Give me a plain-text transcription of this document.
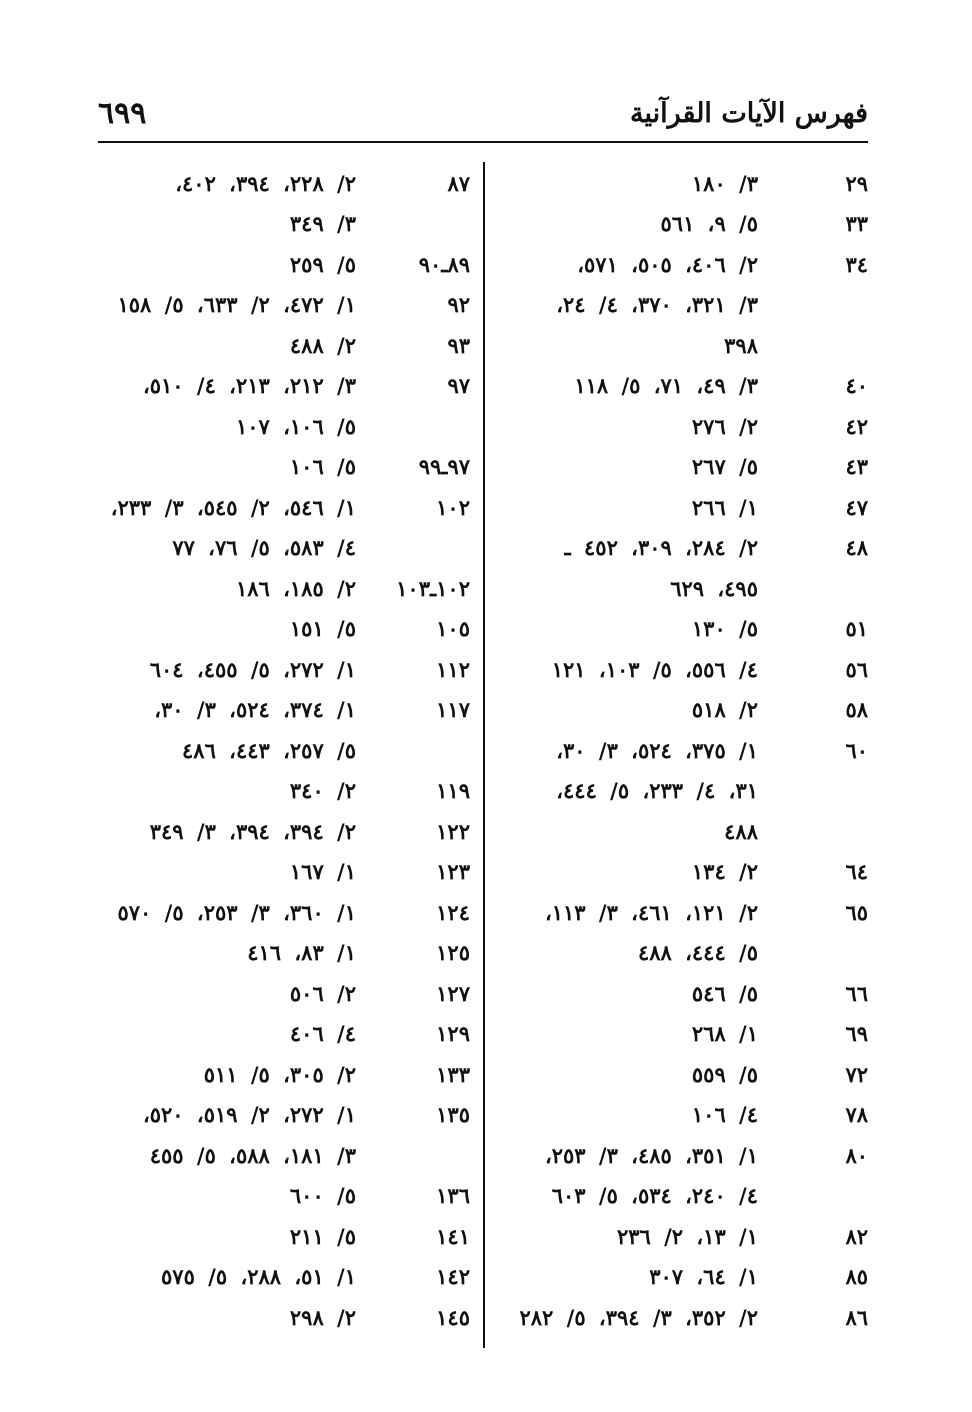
فهرس الآيات القرآنية
٦٩٩
٢٩
٣/ ١٨٠
٣٣
٥/ ٩، ٥٦١
٣٤
٢/ ٤٠٦، ٥٠٥، ٥٧١،
٣/ ٣٢١، ٣٧٠، ٤/ ٢٤،
٣٩٨
٤٠
٣/ ٤٩، ٧١، ٥/ ١١٨
٤٢
٢/ ٢٧٦
٤٣
٥/ ٢٦٧
٤٧
١/ ٢٦٦
٤٨
٢/ ٢٨٤، ٣٠٩، ٤٥٢ ـ
٤٩٥، ٦٢٩
٥١
٥/ ١٣٠
٥٦
٤/ ٥٥٦، ٥/ ١٠٣، ١٢١
٥٨
٢/ ٥١٨
٦٠
١/ ٣٧٥، ٥٢٤، ٣/ ٣٠،
٣١، ٤/ ٢٣٣، ٥/ ٤٤٤،
٤٨٨
٦٤
٢/ ١٣٤
٦٥
٢/ ١٢١، ٤٦١، ٣/ ١١٣،
٥/ ٤٤٤، ٤٨٨
٦٦
٥/ ٥٤٦
٦٩
١/ ٢٦٨
٧٢
٥/ ٥٥٩
٧٨
٤/ ١٠٦
٨٠
١/ ٣٥١، ٤٨٥، ٣/ ٢٥٣،
٤/ ٢٤٠، ٥٣٤، ٥/ ٦٠٣
٨٢
١/ ١٣، ٢/ ٢٣٦
٨٥
١/ ٦٤، ٣٠٧
٨٦
٢/ ٣٥٢، ٣/ ٣٩٤، ٥/ ٢٨٢
٨٧
٢/ ٢٢٨، ٣٩٤، ٤٠٢،
٣/ ٣٤٩
٨٩ـ٩٠
٥/ ٢٥٩
٩٢
١/ ٤٧٢، ٢/ ٦٣٣، ٥/ ١٥٨
٩٣
٢/ ٤٨٨
٩٧
٣/ ٢١٢، ٢١٣، ٤/ ٥١٠،
٥/ ١٠٦، ١٠٧
٩٧ـ٩٩
٥/ ١٠٦
١٠٢
١/ ٥٤٦، ٢/ ٥٤٥، ٣/ ٢٣٣،
٤/ ٥٨٣، ٥/ ٧٦، ٧٧
١٠٢ـ١٠٣
٢/ ١٨٥، ١٨٦
١٠٥
٥/ ١٥١
١١٢
١/ ٢٧٢، ٥/ ٤٥٥، ٦٠٤
١١٧
١/ ٣٧٤، ٥٢٤، ٣/ ٣٠،
٥/ ٢٥٧، ٤٤٣، ٤٨٦
١١٩
٢/ ٣٤٠
١٢٢
٢/ ٣٩٤، ٣٩٤، ٣/ ٣٤٩
١٢٣
١/ ١٦٧
١٢٤
١/ ٣٦٠، ٣/ ٢٥٣، ٥/ ٥٧٠
١٢٥
١/ ٨٣، ٤١٦
١٢٧
٢/ ٥٠٦
١٢٩
٤/ ٤٠٦
١٣٣
٢/ ٣٠٥، ٥/ ٥١١
١٣٥
١/ ٢٧٢، ٢/ ٥١٩، ٥٢٠،
٣/ ١٨١، ٥٨٨، ٥/ ٤٥٥
١٣٦
٥/ ٦٠٠
١٤١
٥/ ٢١١
١٤٢
١/ ٥١، ٢٨٨، ٥/ ٥٧٥
١٤٥
٢/ ٢٩٨
